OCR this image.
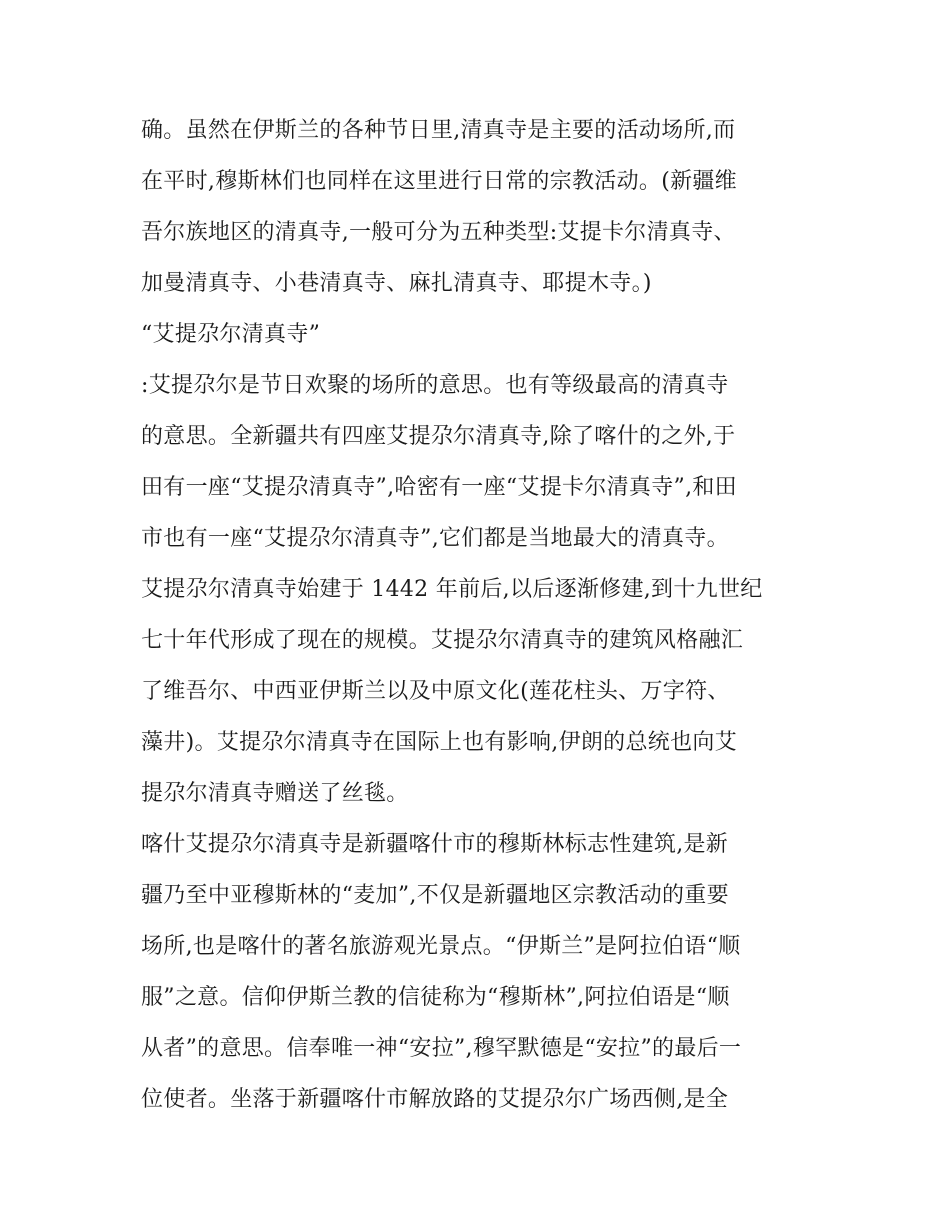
确。虽然在伊斯兰的各种节日里,清真寺是主要的活动场所,而
在平时,穆斯林们也同样在这里进行日常的宗教活动。(新疆维
吾尔族地区的清真寺,一般可分为五种类型:艾提卡尔清真寺、
加曼清真寺、小巷清真寺、麻扎清真寺、耶提木寺。)
“艾提尕尔清真寺”
:艾提尕尔是节日欢聚的场所的意思。也有等级最高的清真寺
的意思。全新疆共有四座艾提尕尔清真寺,除了喀什的之外,于
田有一座“艾提尕清真寺”,哈密有一座“艾提卡尔清真寺”,和田
市也有一座“艾提尕尔清真寺”,它们都是当地最大的清真寺。
艾提尕尔清真寺始建于 1442 年前后,以后逐渐修建,到十九世纪
七十年代形成了现在的规模。艾提尕尔清真寺的建筑风格融汇
了维吾尔、中西亚伊斯兰以及中原文化(莲花柱头、万字符、
藻井)。艾提尕尔清真寺在国际上也有影响,伊朗的总统也向艾
提尕尔清真寺赠送了丝毯。
喀什艾提尕尔清真寺是新疆喀什市的穆斯林标志性建筑,是新
疆乃至中亚穆斯林的“麦加”,不仅是新疆地区宗教活动的重要
场所,也是喀什的著名旅游观光景点。“伊斯兰”是阿拉伯语“顺
服”之意。信仰伊斯兰教的信徒称为“穆斯林”,阿拉伯语是“顺
从者”的意思。信奉唯一神“安拉”,穆罕默德是“安拉”的最后一
位使者。坐落于新疆喀什市解放路的艾提尕尔广场西侧,是全
